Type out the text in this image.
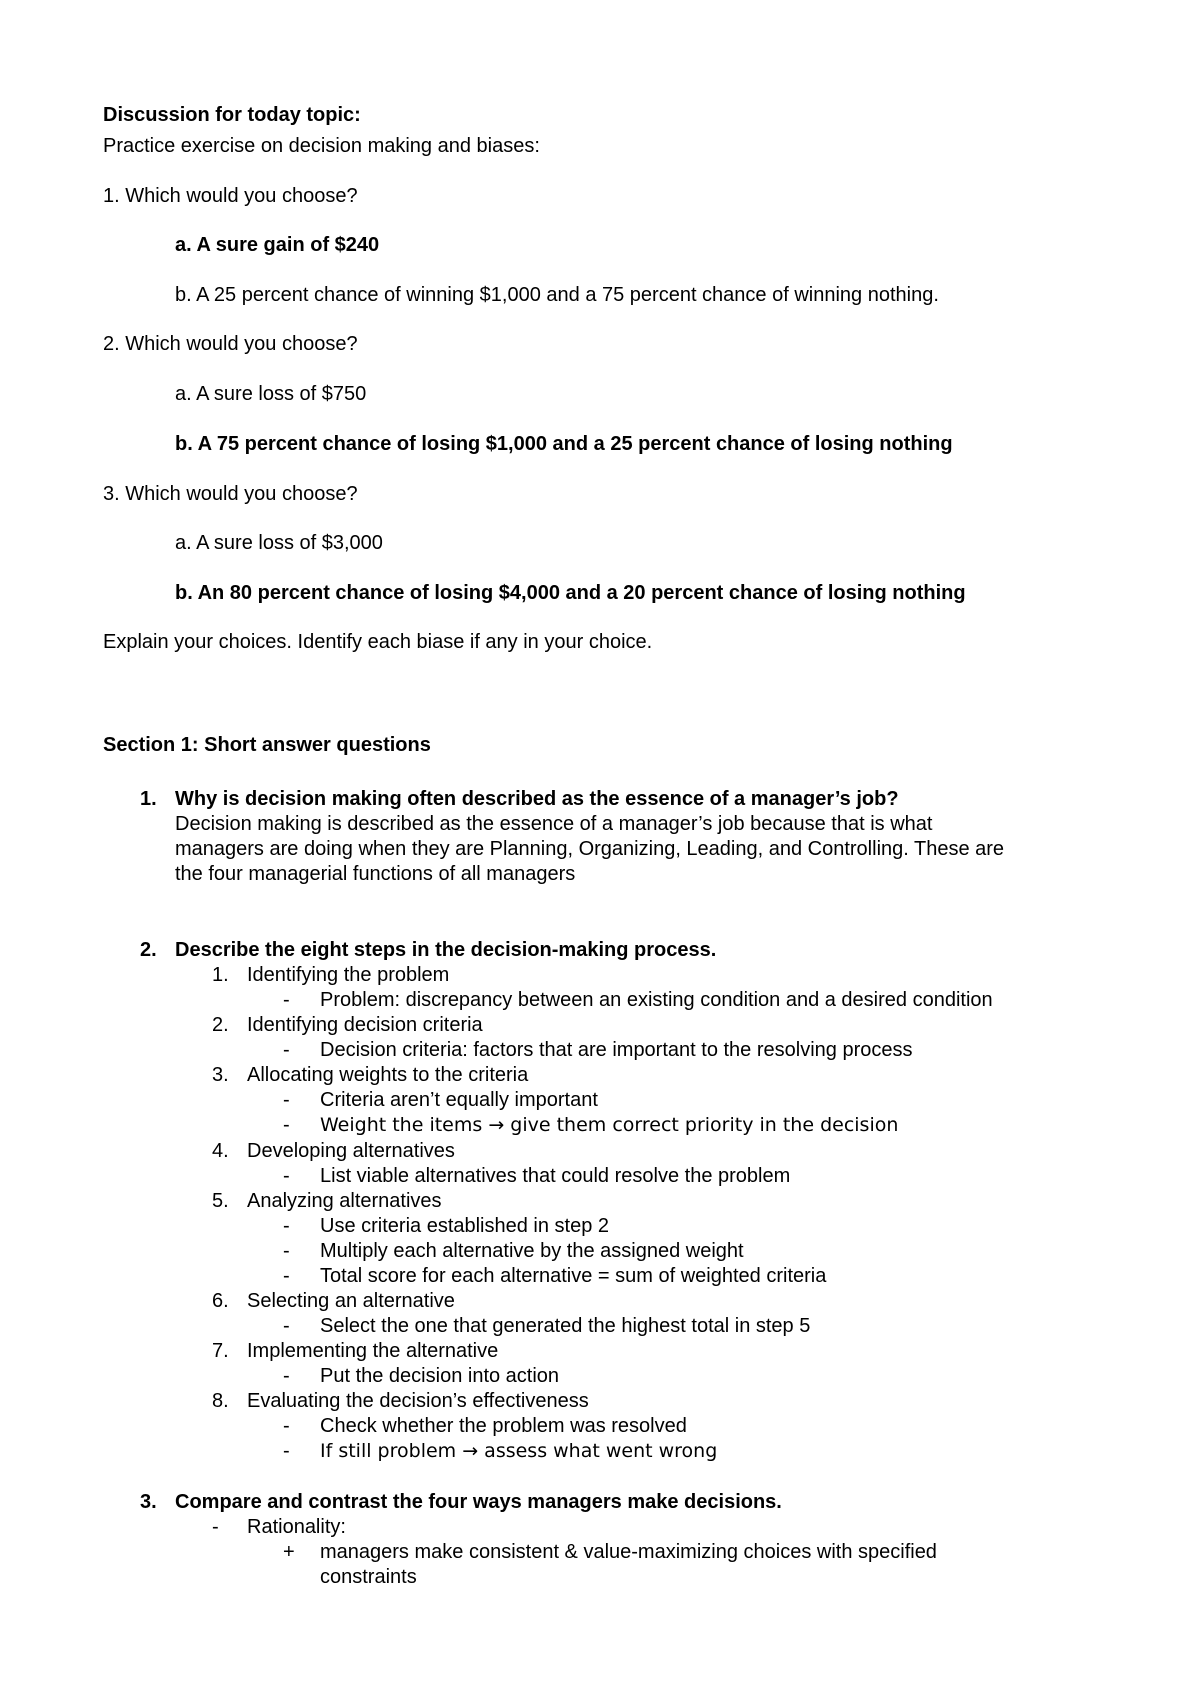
Discussion for today topic:
Practice exercise on decision making and biases:
1. Which would you choose?
a. A sure gain of $240
b. A 25 percent chance of winning $1,000 and a 75 percent chance of winning nothing.
2. Which would you choose?
a. A sure loss of $750
b. A 75 percent chance of losing $1,000 and a 25 percent chance of losing nothing
3. Which would you choose?
a. A sure loss of $3,000
b. An 80 percent chance of losing $4,000 and a 20 percent chance of losing nothing
Explain your choices. Identify each biase if any in your choice.
Section 1: Short answer questions
1. Why is decision making often described as the essence of a manager’s job?
Decision making is described as the essence of a manager’s job because that is what
managers are doing when they are Planning, Organizing, Leading, and Controlling. These are
the four managerial functions of all managers
2. Describe the eight steps in the decision-making process.
1. Identifying the problem
- Problem: discrepancy between an existing condition and a desired condition
2. Identifying decision criteria
- Decision criteria: factors that are important to the resolving process
3. Allocating weights to the criteria
- Criteria aren’t equally important
- Weight the items → give them correct priority in the decision
4. Developing alternatives
- List viable alternatives that could resolve the problem
5. Analyzing alternatives
- Use criteria established in step 2
- Multiply each alternative by the assigned weight
- Total score for each alternative = sum of weighted criteria
6. Selecting an alternative
- Select the one that generated the highest total in step 5
7. Implementing the alternative
- Put the decision into action
8. Evaluating the decision’s effectiveness
- Check whether the problem was resolved
- If still problem → assess what went wrong
3. Compare and contrast the four ways managers make decisions.
- Rationality:
+ managers make consistent & value-maximizing choices with specified
constraints
